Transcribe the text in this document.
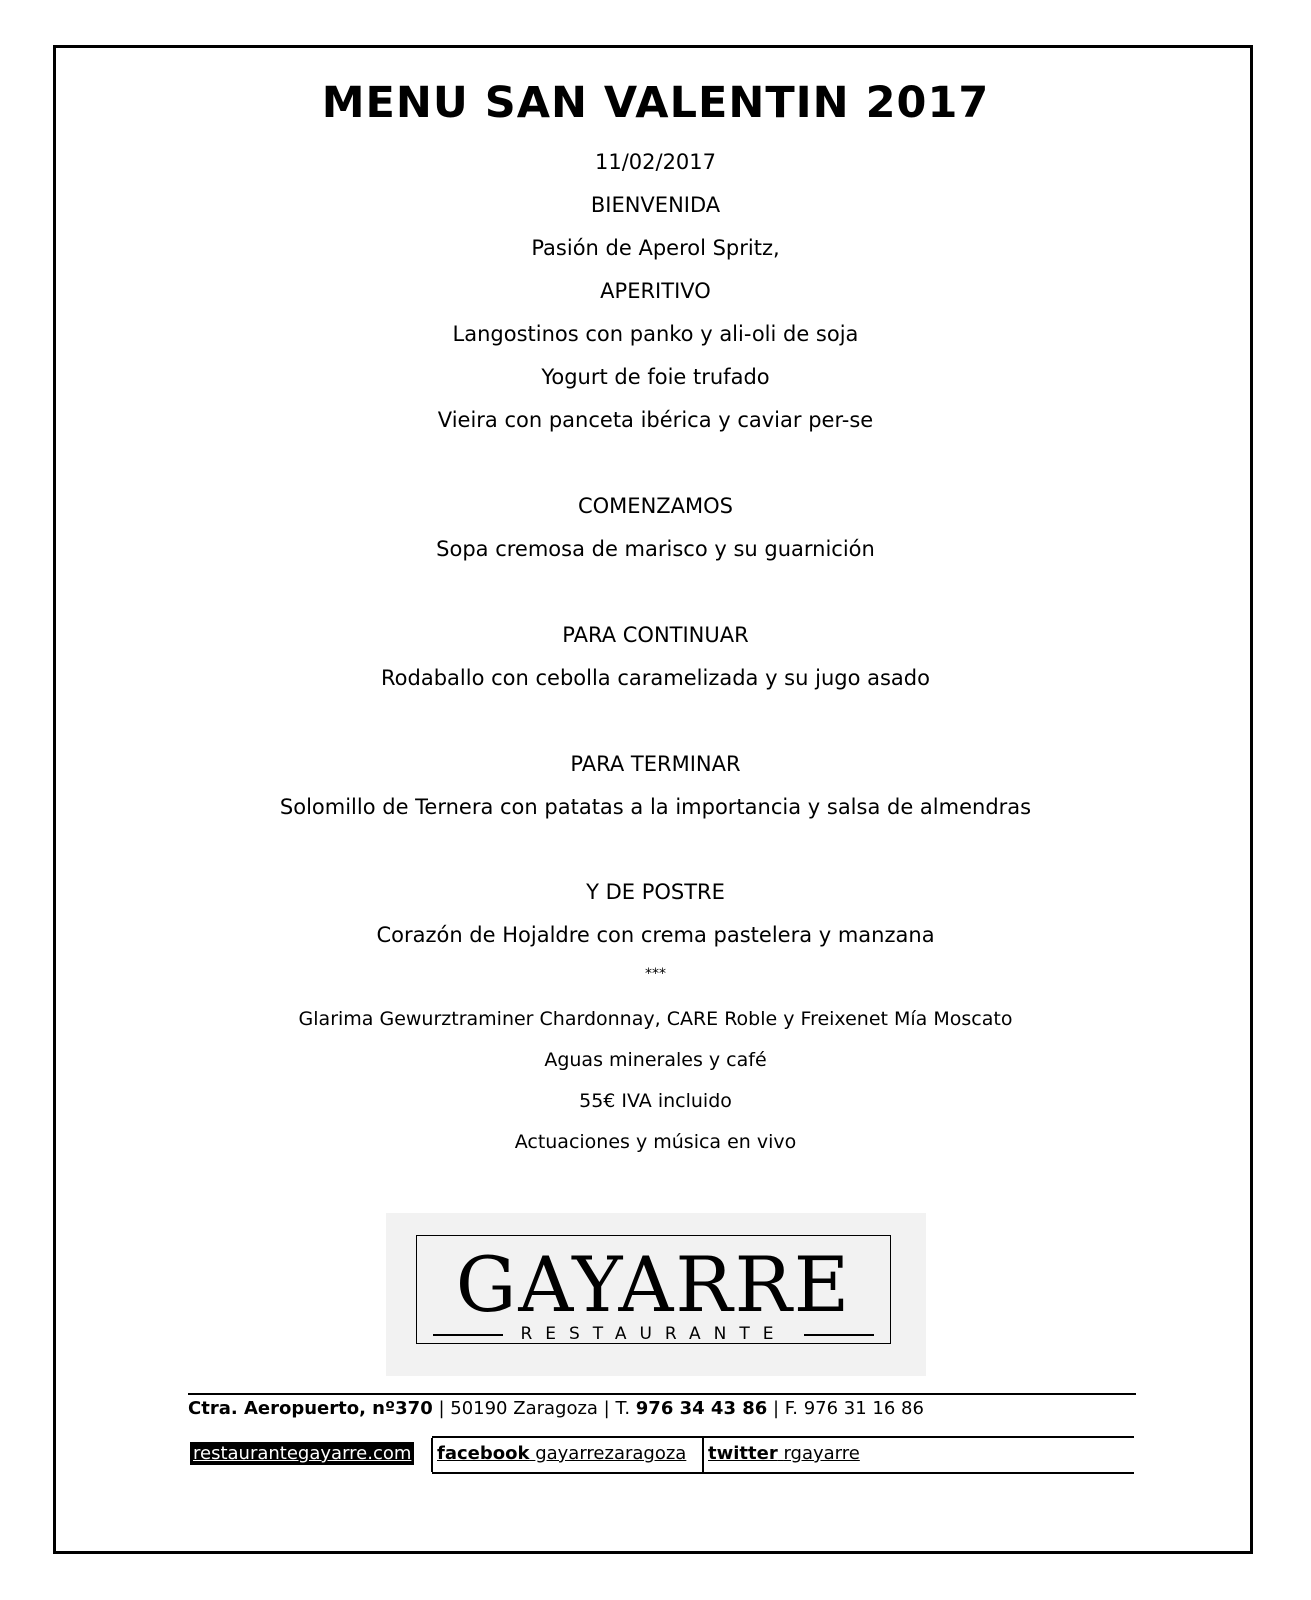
MENU SAN VALENTIN 2017
11/02/2017
BIENVENIDA
Pasión de Aperol Spritz,
APERITIVO
Langostinos con panko y ali-oli de soja
Yogurt de foie trufado
Vieira con panceta ibérica y caviar per-se
COMENZAMOS
Sopa cremosa de marisco y su guarnición
PARA CONTINUAR
Rodaballo con cebolla caramelizada y su jugo asado
PARA TERMINAR
Solomillo de Ternera con patatas a la importancia y salsa de almendras
Y DE POSTRE
Corazón de Hojaldre con crema pastelera y manzana
***
Glarima Gewurztraminer Chardonnay, CARE Roble y Freixenet Mía Moscato
Aguas minerales y café
55€ IVA incluido
Actuaciones y música en vivo
GAYARRE
RESTAURANTE
Ctra. Aeropuerto, nº370 | 50190 Zaragoza | T. 976 34 43 86 | F. 976 31 16 86
restaurantegayarre.com facebook gayarrezaragoza twitter rgayarre
